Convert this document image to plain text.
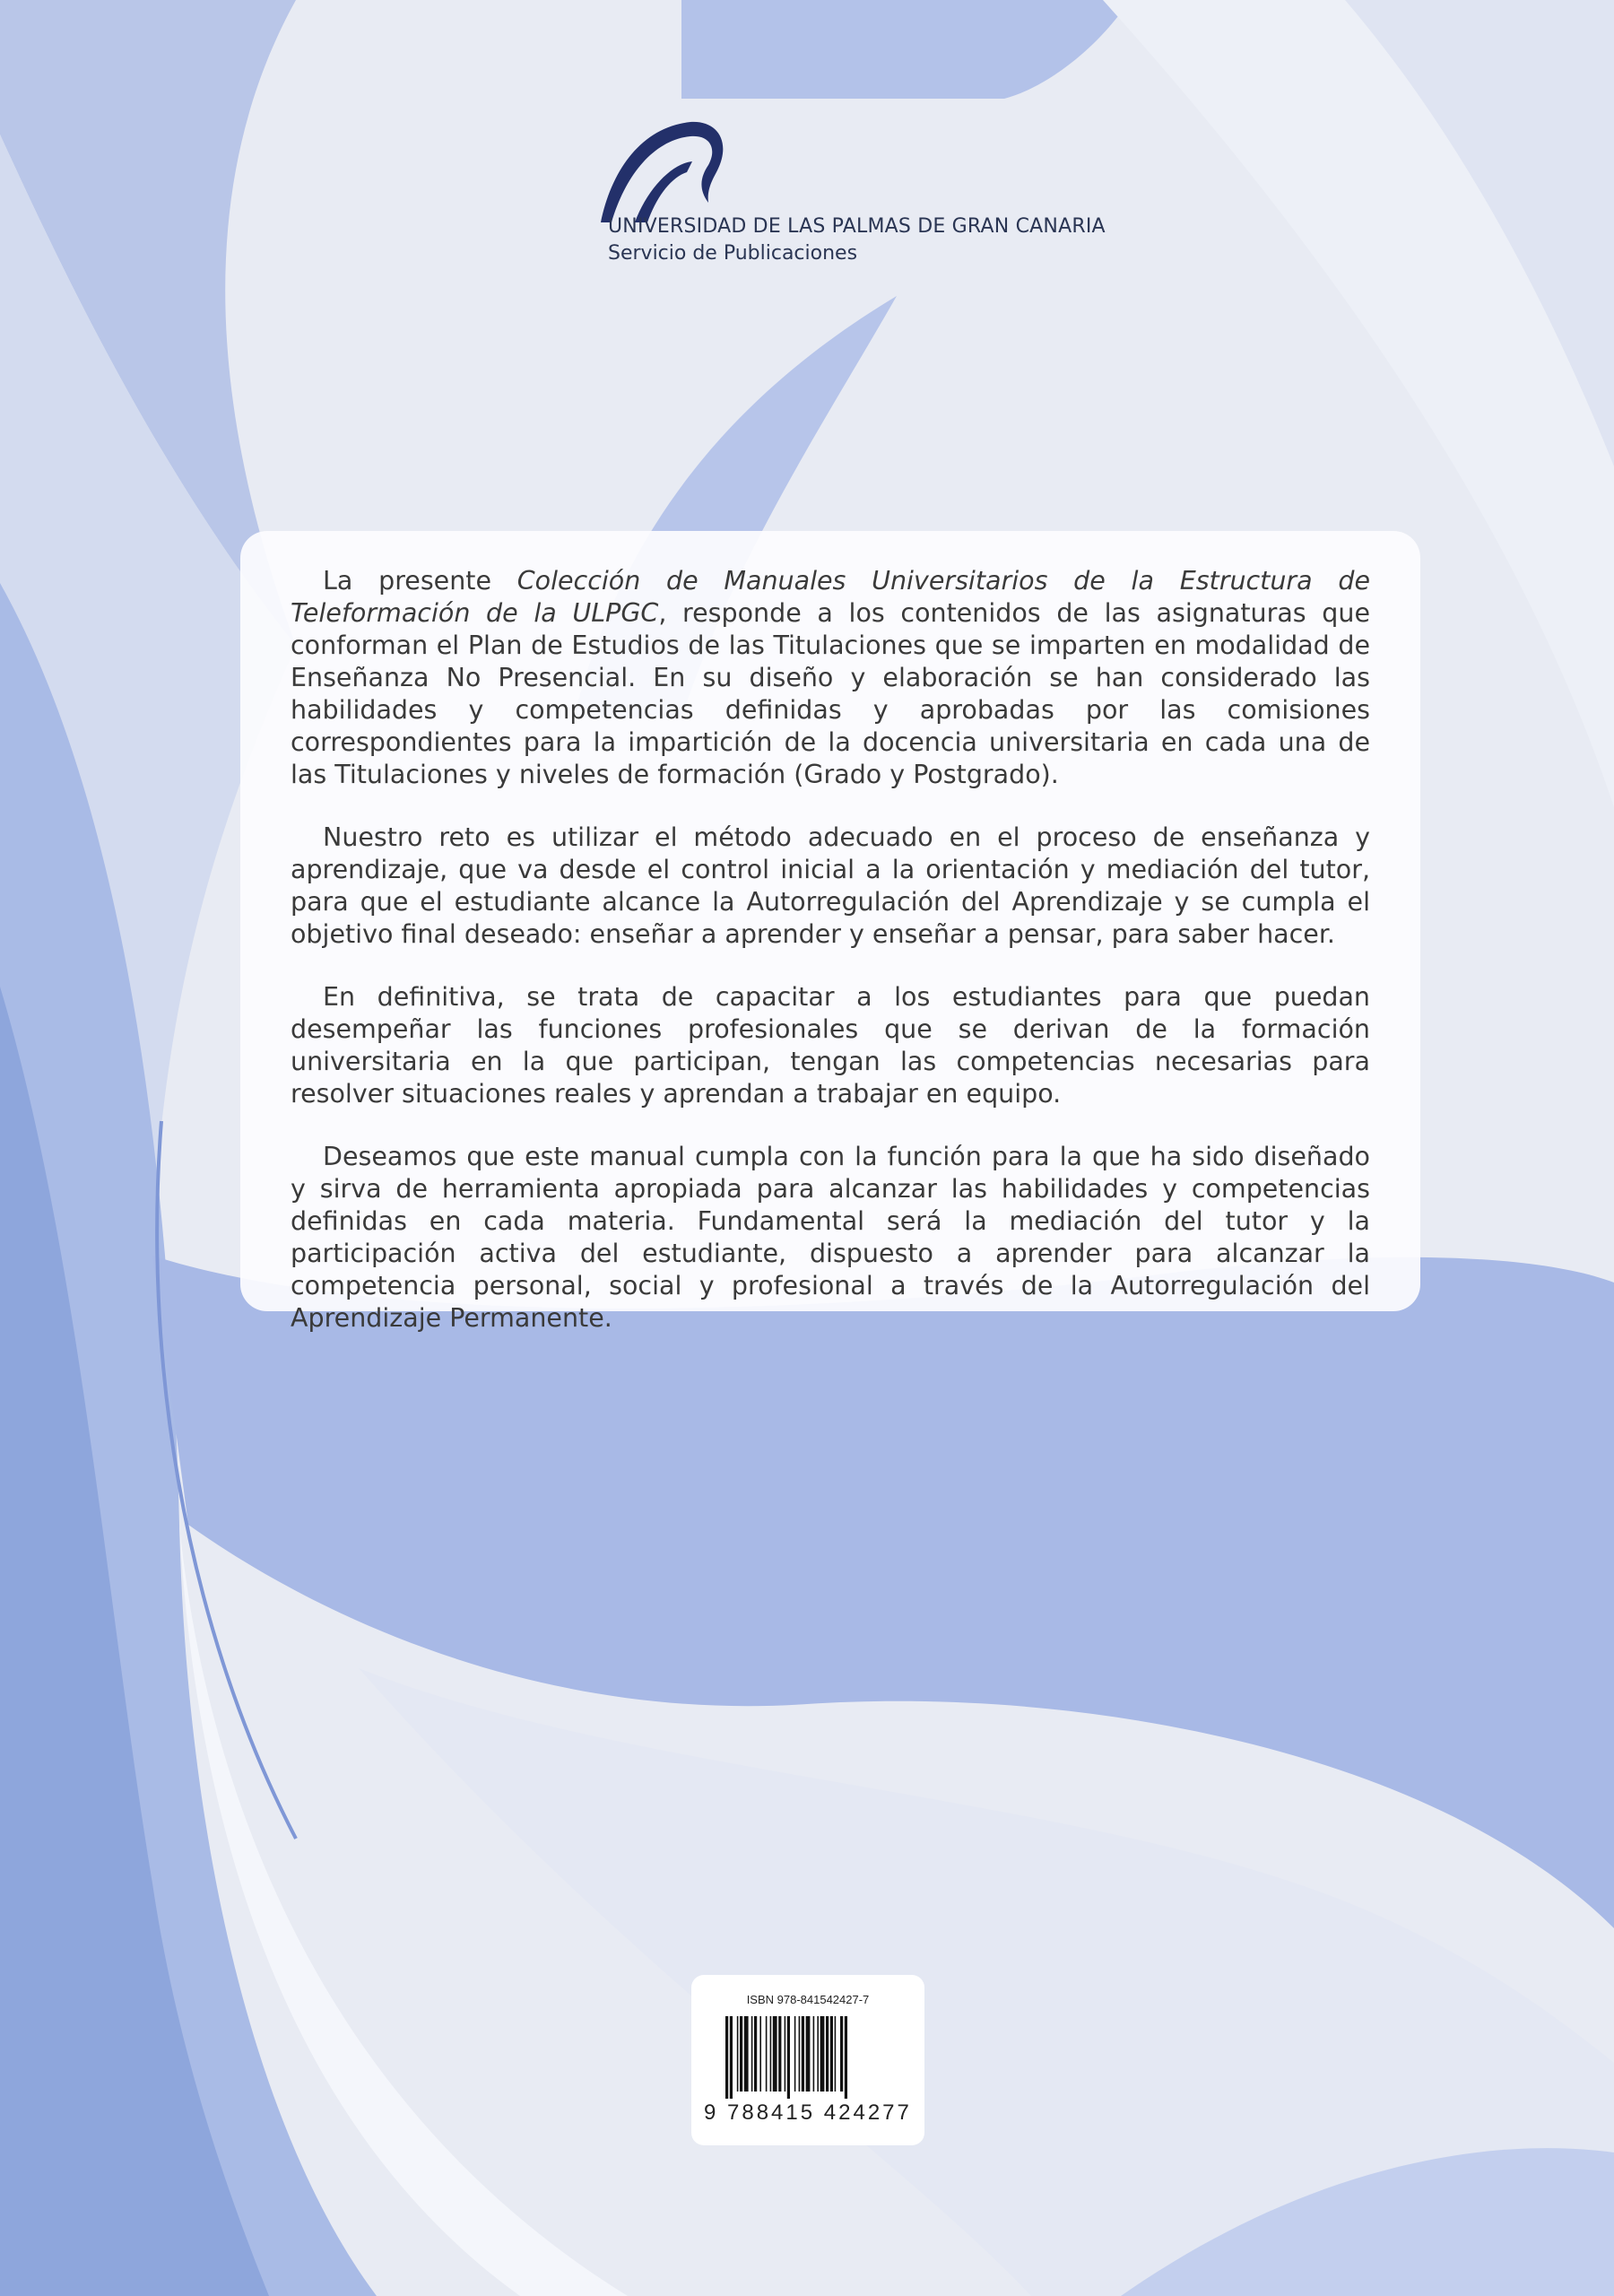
UNIVERSIDAD DE LAS PALMAS DE GRAN CANARIA
Servicio de Publicaciones

La presente Colección de Manuales Universitarios de la Estructura de Teleformación de la ULPGC, responde a los contenidos de las asignaturas que conforman el Plan de Estudios de las Titulaciones que se imparten en modalidad de Enseñanza No Presencial. En su diseño y elaboración se han considerado las habilidades y competencias definidas y aprobadas por las comisiones correspondientes para la impartición de la docencia universitaria en cada una de las Titulaciones y niveles de formación (Grado y Postgrado).

Nuestro reto es utilizar el método adecuado en el proceso de enseñanza y aprendizaje, que va desde el control inicial a la orientación y mediación del tutor, para que el estudiante alcance la Autorregulación del Aprendizaje y se cumpla el objetivo final deseado: enseñar a aprender y enseñar a pensar, para saber hacer.

En definitiva, se trata de capacitar a los estudiantes para que puedan desempeñar las funciones profesionales que se derivan de la formación universitaria en la que participan, tengan las competencias necesarias para resolver situaciones reales y aprendan a trabajar en equipo.

Deseamos que este manual cumpla con la función para la que ha sido diseñado y sirva de herramienta apropiada para alcanzar las habilidades y competencias definidas en cada materia. Fundamental será la mediación del tutor y la participación activa del estudiante, dispuesto a aprender para alcanzar la competencia personal, social y profesional a través de la Autorregulación del Aprendizaje Permanente.

ISBN 978-841542427-7
9 788415 424277
